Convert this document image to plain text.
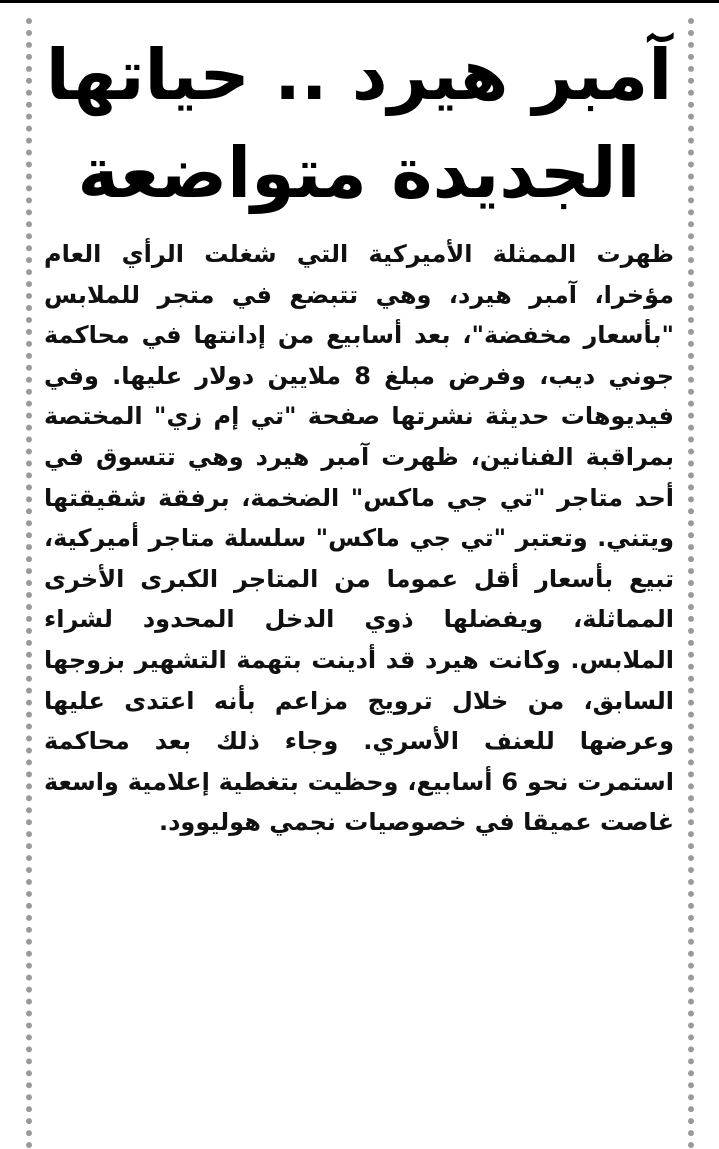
آمبر هيرد .. حياتها
الجديدة متواضعة

ظهرت الممثلة الأميركية التي شغلت الرأي العام مؤخرا، آمبر هيرد، وهي تتبضع في متجر للملابس "بأسعار مخفضة"، بعد أسابيع من إدانتها في محاكمة جوني ديب، وفرض مبلغ 8 ملايين دولار عليها. وفي فيديوهات حديثة نشرتها صفحة "تي إم زي" المختصة بمراقبة الفنانين، ظهرت آمبر هيرد وهي تتسوق في أحد متاجر "تي جي ماكس" الضخمة، برفقة شقيقتها ويتني. وتعتبر "تي جي ماكس" سلسلة متاجر أميركية، تبيع بأسعار أقل عموما من المتاجر الكبرى الأخرى المماثلة، ويفضلها ذوي الدخل المحدود لشراء الملابس. وكانت هيرد قد أدينت بتهمة التشهير بزوجها السابق، من خلال ترويج مزاعم بأنه اعتدى عليها وعرضها للعنف الأسري. وجاء ذلك بعد محاكمة استمرت نحو 6 أسابيع، وحظيت بتغطية إعلامية واسعة غاصت عميقا في خصوصيات نجمي هوليوود.
